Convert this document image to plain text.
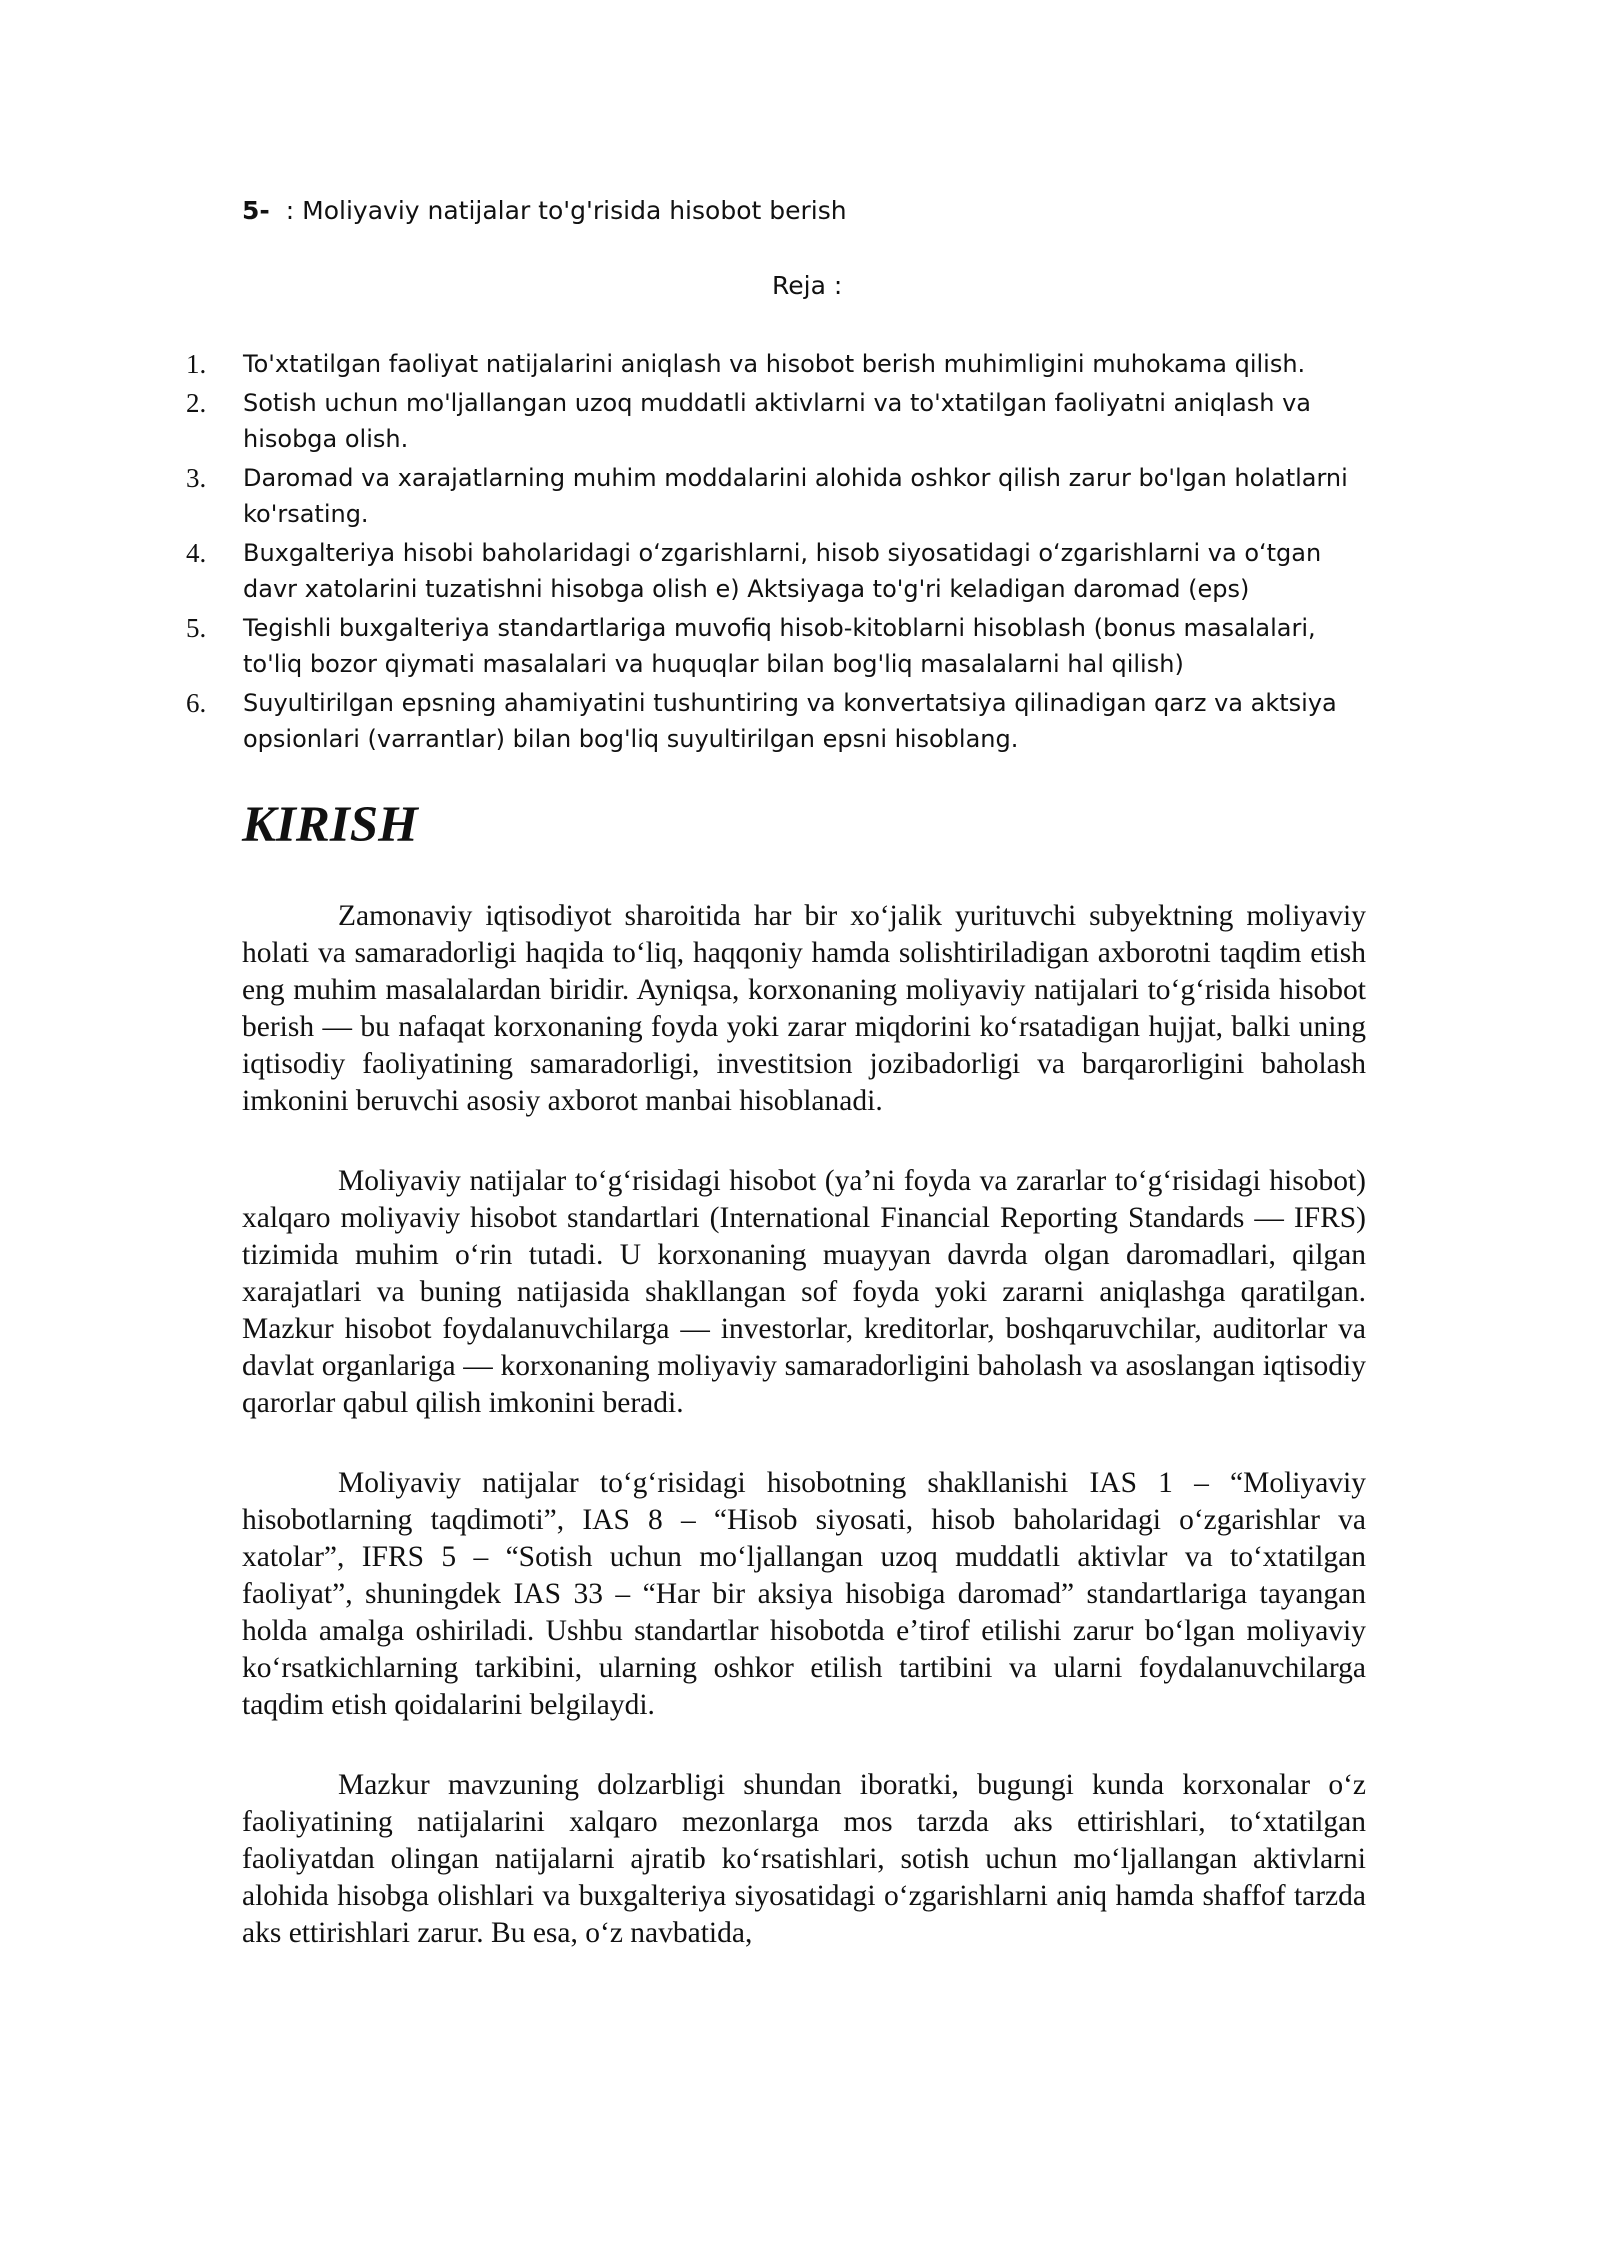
5- : Moliyaviy natijalar to'g'risida hisobot berish
Reja :
1. To'xtatilgan faoliyat natijalarini aniqlash va hisobot berish muhimligini muhokama qilish.
2. Sotish uchun mo'ljallangan uzoq muddatli aktivlarni va to'xtatilgan faoliyatni aniqlash va hisobga olish.
3. Daromad va xarajatlarning muhim moddalarini alohida oshkor qilish zarur bo'lgan holatlarni ko'rsating.
4. Buxgalteriya hisobi baholaridagi oʻzgarishlarni, hisob siyosatidagi oʻzgarishlarni va oʻtgan davr xatolarini tuzatishni hisobga olish e) Aktsiyaga to'g'ri keladigan daromad (eps)
5. Tegishli buxgalteriya standartlariga muvofiq hisob-kitoblarni hisoblash (bonus masalalari, to'liq bozor qiymati masalalari va huquqlar bilan bog'liq masalalarni hal qilish)
6. Suyultirilgan epsning ahamiyatini tushuntiring va konvertatsiya qilinadigan qarz va aktsiya opsionlari (varrantlar) bilan bog'liq suyultirilgan epsni hisoblang.
KIRISH

Zamonaviy iqtisodiyot sharoitida har bir xoʻjalik yurituvchi subyektning moliyaviy holati va samaradorligi haqida toʻliq, haqqoniy hamda solishtiriladigan axborotni taqdim etish eng muhim masalalardan biridir. Ayniqsa, korxonaning moliyaviy natijalari toʻgʻrisida hisobot berish — bu nafaqat korxonaning foyda yoki zarar miqdorini koʻrsatadigan hujjat, balki uning iqtisodiy faoliyatining samaradorligi, investitsion jozibadorligi va barqarorligini baholash imkonini beruvchi asosiy axborot manbai hisoblanadi.

Moliyaviy natijalar toʻgʻrisidagi hisobot (yaʼni foyda va zararlar toʻgʻrisidagi hisobot) xalqaro moliyaviy hisobot standartlari (International Financial Reporting Standards — IFRS) tizimida muhim oʻrin tutadi. U korxonaning muayyan davrda olgan daromadlari, qilgan xarajatlari va buning natijasida shakllangan sof foyda yoki zararni aniqlashga qaratilgan. Mazkur hisobot foydalanuvchilarga — investorlar, kreditorlar, boshqaruvchilar, auditorlar va davlat organlariga — korxonaning moliyaviy samaradorligini baholash va asoslangan iqtisodiy qarorlar qabul qilish imkonini beradi.

Moliyaviy natijalar toʻgʻrisidagi hisobotning shakllanishi IAS 1 – “Moliyaviy hisobotlarning taqdimoti”, IAS 8 – “Hisob siyosati, hisob baholaridagi oʻzgarishlar va xatolar”, IFRS 5 – “Sotish uchun moʻljallangan uzoq muddatli aktivlar va toʻxtatilgan faoliyat”, shuningdek IAS 33 – “Har bir aksiya hisobiga daromad” standartlariga tayangan holda amalga oshiriladi. Ushbu standartlar hisobotda eʼtirof etilishi zarur boʻlgan moliyaviy koʻrsatkichlarning tarkibini, ularning oshkor etilish tartibini va ularni foydalanuvchilarga taqdim etish qoidalarini belgilaydi.

Mazkur mavzuning dolzarbligi shundan iboratki, bugungi kunda korxonalar oʻz faoliyatining natijalarini xalqaro mezonlarga mos tarzda aks ettirishlari, toʻxtatilgan faoliyatdan olingan natijalarni ajratib koʻrsatishlari, sotish uchun moʻljallangan aktivlarni alohida hisobga olishlari va buxgalteriya siyosatidagi oʻzgarishlarni aniq hamda shaffof tarzda aks ettirishlari zarur. Bu esa, oʻz navbatida,
